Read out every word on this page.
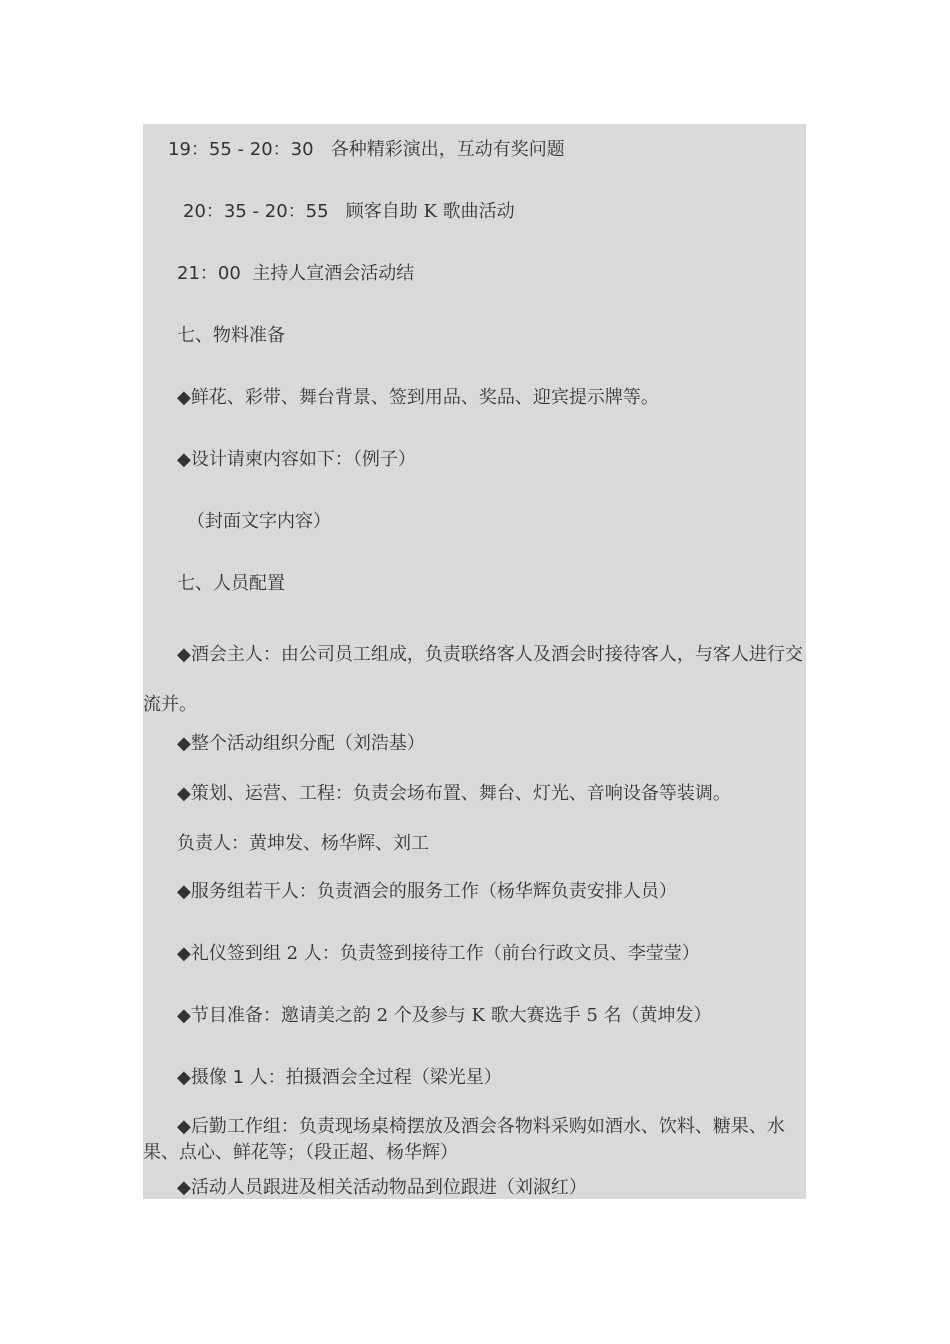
19：55 - 20：30 各种精彩演出，互动有奖问题
20：35 - 20：55 顾客自助 K 歌曲活动
21：00 主持人宣酒会活动结
七、物料准备
◆鲜花、彩带、舞台背景、签到用品、奖品、迎宾提示牌等。
◆设计请柬内容如下：（例子）
（封面文字内容）
七、人员配置
◆酒会主人：由公司员工组成，负责联络客人及酒会时接待客人，与客人进行交流并。
◆整个活动组织分配（刘浩基）
◆策划、运营、工程：负责会场布置、舞台、灯光、音响设备等装调。
负责人：黄坤发、杨华辉、刘工
◆服务组若干人：负责酒会的服务工作（杨华辉负责安排人员）
◆礼仪签到组 2 人：负责签到接待工作（前台行政文员、李莹莹）
◆节目准备：邀请美之韵 2 个及参与 K 歌大赛选手 5 名（黄坤发）
◆摄像 1 人：拍摄酒会全过程（梁光星）
◆后勤工作组：负责现场桌椅摆放及酒会各物料采购如酒水、饮料、糖果、水果、点心、鲜花等；（段正超、杨华辉）
◆活动人员跟进及相关活动物品到位跟进（刘淑红）
